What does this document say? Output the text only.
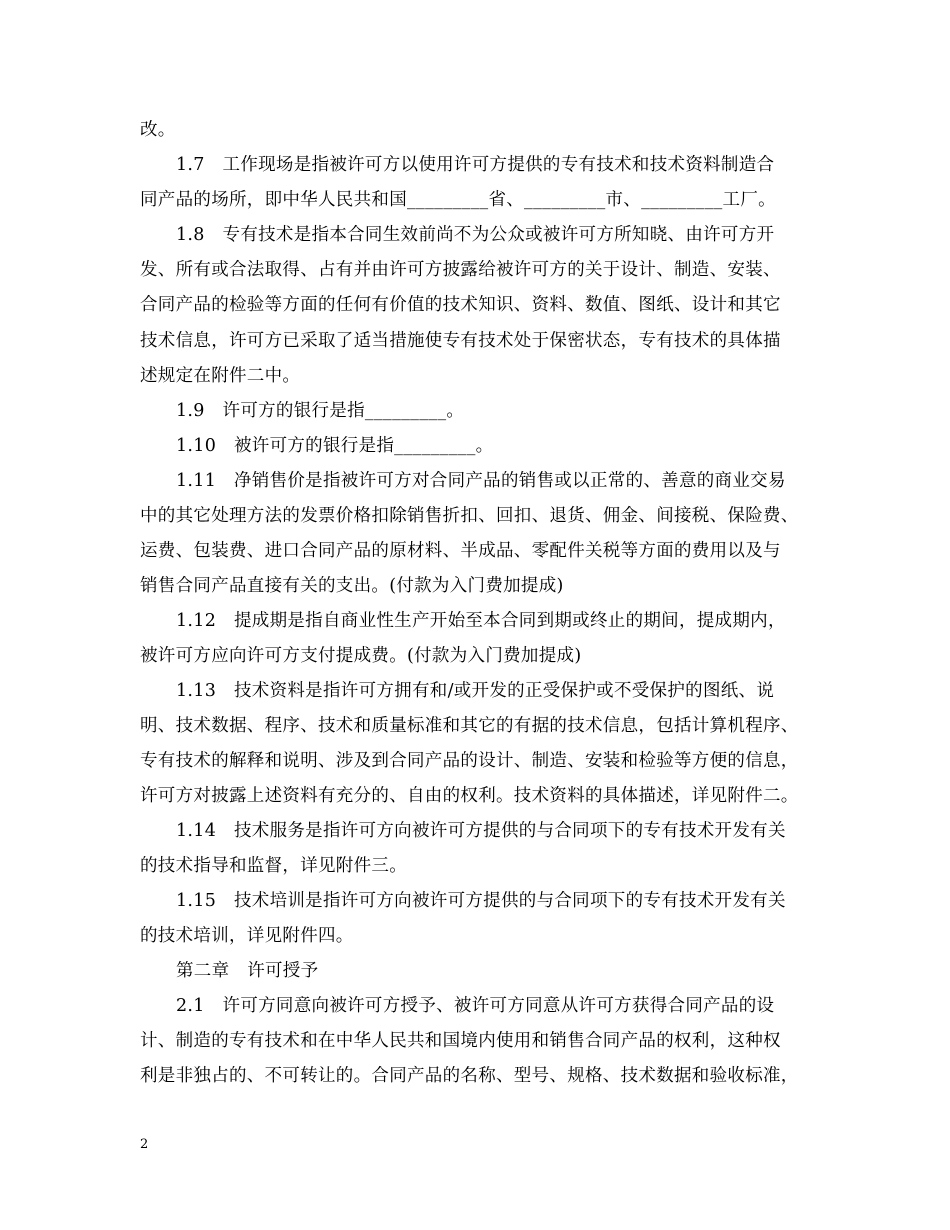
改。
1.7　工作现场是指被许可方以使用许可方提供的专有技术和技术资料制造合
同产品的场所，即中华人民共和国_________省、_________市、_________工厂。
1.8　专有技术是指本合同生效前尚不为公众或被许可方所知晓、由许可方开
发、所有或合法取得、占有并由许可方披露给被许可方的关于设计、制造、安装、
合同产品的检验等方面的任何有价值的技术知识、资料、数值、图纸、设计和其它
技术信息，许可方已采取了适当措施使专有技术处于保密状态，专有技术的具体描
述规定在附件二中。
1.9　许可方的银行是指_________。
1.10　被许可方的银行是指_________。
1.11　净销售价是指被许可方对合同产品的销售或以正常的、善意的商业交易
中的其它处理方法的发票价格扣除销售折扣、回扣、退货、佣金、间接税、保险费、
运费、包装费、进口合同产品的原材料、半成品、零配件关税等方面的费用以及与
销售合同产品直接有关的支出。(付款为入门费加提成)
1.12　提成期是指自商业性生产开始至本合同到期或终止的期间，提成期内，
被许可方应向许可方支付提成费。(付款为入门费加提成)
1.13　技术资料是指许可方拥有和/或开发的正受保护或不受保护的图纸、说
明、技术数据、程序、技术和质量标准和其它的有据的技术信息，包括计算机程序、
专有技术的解释和说明、涉及到合同产品的设计、制造、安装和检验等方便的信息，
许可方对披露上述资料有充分的、自由的权利。技术资料的具体描述，详见附件二。
1.14　技术服务是指许可方向被许可方提供的与合同项下的专有技术开发有关
的技术指导和监督，详见附件三。
1.15　技术培训是指许可方向被许可方提供的与合同项下的专有技术开发有关
的技术培训，详见附件四。
第二章　许可授予
2.1　许可方同意向被许可方授予、被许可方同意从许可方获得合同产品的设
计、制造的专有技术和在中华人民共和国境内使用和销售合同产品的权利，这种权
利是非独占的、不可转让的。合同产品的名称、型号、规格、技术数据和验收标准，
2
